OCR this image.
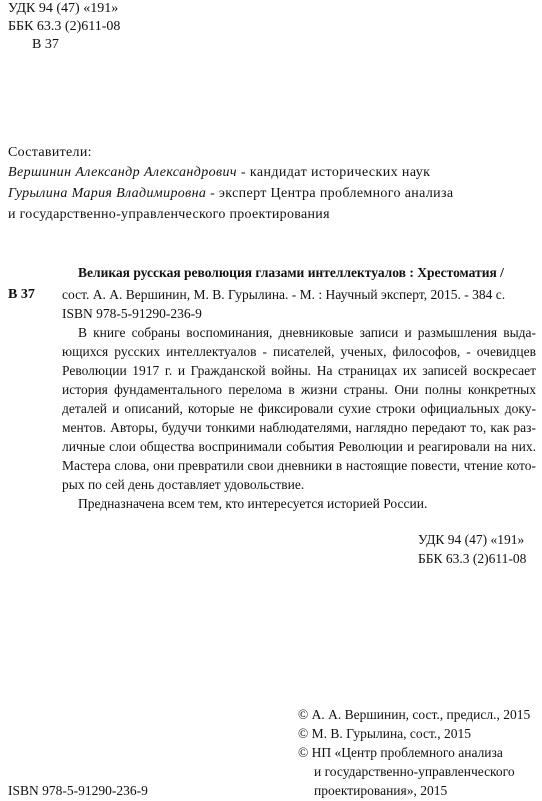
УДК 94 (47) «191»
ББК 63.3 (2)611-08
В 37
Составители:
Вершинин Александр Александрович - кандидат исторических наук
Гурылина Мария Владимировна - эксперт Центра проблемного анализа
и государственно-управленческого проектирования
Великая русская революция глазами интеллектуалов : Хрестоматия /
В 37 сост. А. А. Вершинин, М. В. Гурылина. - М. : Научный эксперт, 2015. - 384 с.
ISBN 978-5-91290-236-9
В книге собраны воспоминания, дневниковые записи и размышления выда-
ющихся русских интеллектуалов - писателей, ученых, философов, - очевидцев
Революции 1917 г. и Гражданской войны. На страницах их записей воскресает
история фундаментального перелома в жизни страны. Они полны конкретных
деталей и описаний, которые не фиксировали сухие строки официальных доку-
ментов. Авторы, будучи тонкими наблюдателями, наглядно передают то, как раз-
личные слои общества воспринимали события Революции и реагировали на них.
Мастера слова, они превратили свои дневники в настоящие повести, чтение кото-
рых по сей день доставляет удовольствие.
Предназначена всем тем, кто интересуется историей России.
УДК 94 (47) «191»
ББК 63.3 (2)611-08
© А. А. Вершинин, сост., предисл., 2015
© М. В. Гурылина, сост., 2015
© НП «Центр проблемного анализа
и государственно-управленческого
проектирования», 2015
ISBN 978-5-91290-236-9
